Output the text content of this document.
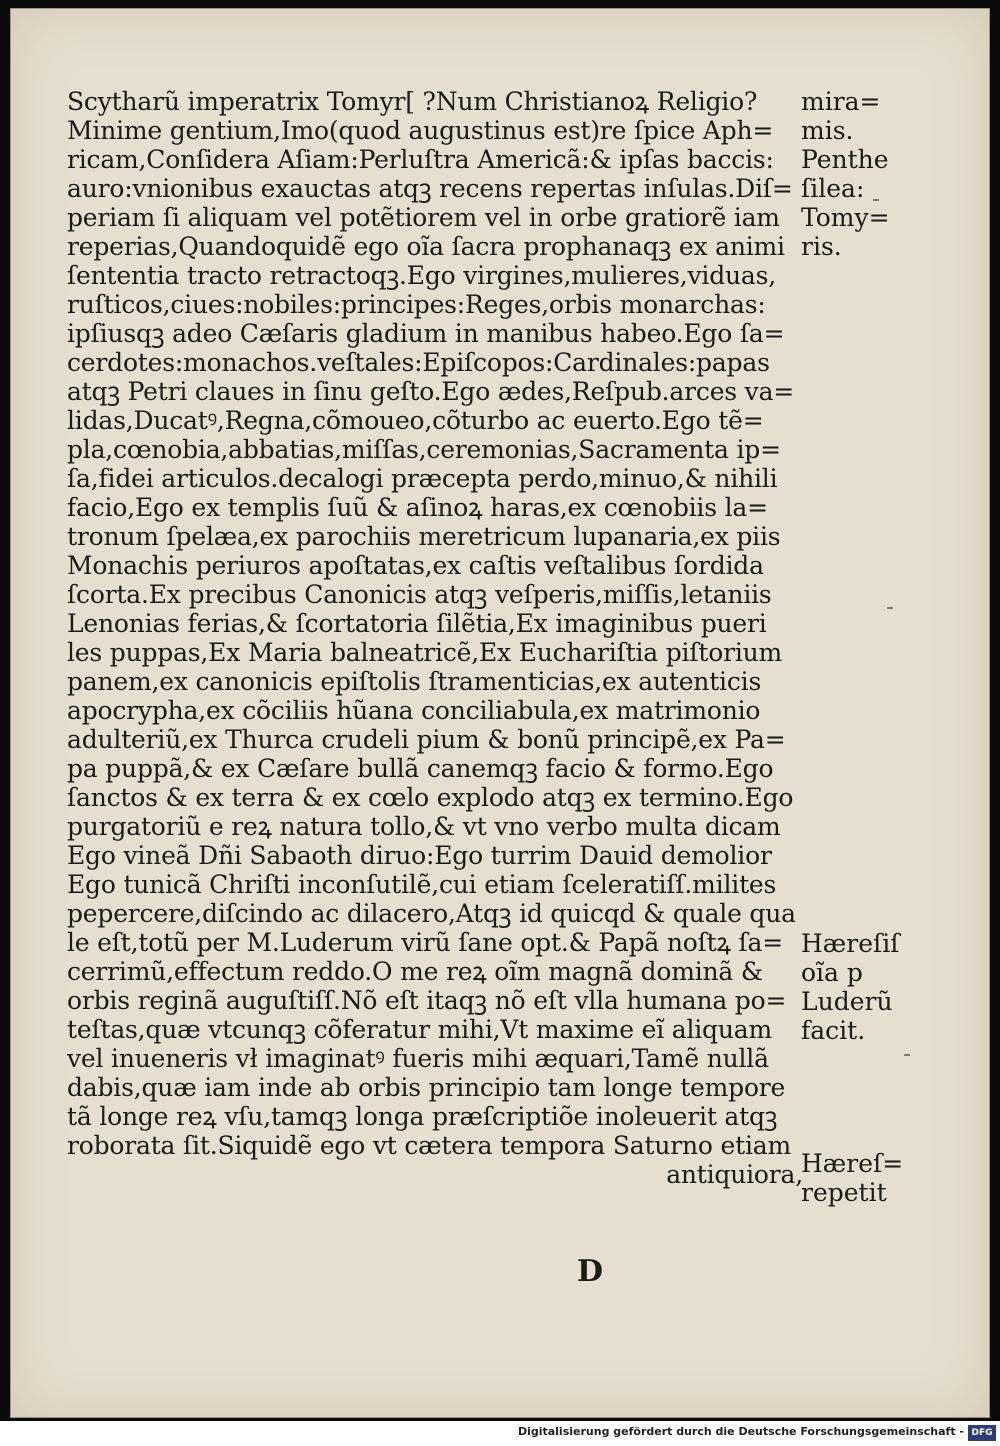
Scytharũ imperatrix Tomyr[ ?Num Christianoꝝ Religio?
Minime gentium,Imo(quod augustinus est)re ſpice Aph=
ricam,Conſidera Aſiam:Perluſtra Americã:& ipſas baccis:
auro:vnionibus exauctas atqꝫ recens repertas inſulas.Diſ=
periam ſi aliquam vel potẽtiorem vel in orbe gratiorẽ iam
reperias,Quandoquidẽ ego oĩa ſacra prophanaqꝫ ex animi
ſententia tracto retractoqꝫ.Ego virgines,mulieres,viduas,
ruſticos,ciues:nobiles:principes:Reges,orbis monarchas:
ipſiusqꝫ adeo Cæſaris gladium in manibus habeo.Ego ſa=
cerdotes:monachos.veſtales:Epiſcopos:Cardinales:papas
atqꝫ Petri claues in ſinu geſto.Ego ædes,Reſpub.arces va=
lidas,Ducatꝰ,Regna,cõmoueo,cõturbo ac euerto.Ego tẽ=
pla,cœnobia,abbatias,miſſas,ceremonias,Sacramenta ip=
ſa,fidei articulos.decalogi præcepta perdo,minuo,& nihili
facio,Ego ex templis ſuũ & aſinoꝝ haras,ex cœnobiis la=
tronum ſpelæa,ex parochiis meretricum lupanaria,ex piis
Monachis periuros apoſtatas,ex caſtis veſtalibus ſordida
ſcorta.Ex precibus Canonicis atqꝫ veſperis,miſſis,letaniis
Lenonias ferias,& ſcortatoria ſilẽtia,Ex imaginibus pueri
les puppas,Ex Maria balneatricẽ,Ex Euchariſtia piſtorium
panem,ex canonicis epiſtolis ſtramenticias,ex autenticis
apocrypha,ex cõciliis hũana conciliabula,ex matrimonio
adulteriũ,ex Thurca crudeli pium & bonũ principẽ,ex Pa=
pa puppã,& ex Cæſare bullã canemqꝫ facio & formo.Ego
ſanctos & ex terra & ex cœlo explodo atqꝫ ex termino.Ego
purgatoriũ e reꝝ natura tollo,& vt vno verbo multa dicam
Ego vineã Dñi Sabaoth diruo:Ego turrim Dauid demolior
Ego tunicã Chriſti inconſutilẽ,cui etiam ſceleratiſſ.milites
pepercere,diſcindo ac dilacero,Atqꝫ id quicqd & quale qua
le eſt,totũ per M.Luderum virũ ſane opt.& Papã noſtꝝ ſa=
cerrimũ,effectum reddo.O me reꝝ oĩm magnã dominã &
orbis reginã auguſtiſſ.Nõ eſt itaqꝫ nõ eſt vlla humana po=
teſtas,quæ vtcunqꝫ cõferatur mihi,Vt maxime eĩ aliquam
vel inueneris vł imaginatꝰ fueris mihi æquari,Tamẽ nullã
dabis,quæ iam inde ab orbis principio tam longe tempore
tã longe reꝝ vſu,tamqꝫ longa præſcriptiõe inoleuerit atqꝫ
roborata ſit.Siquidẽ ego vt cætera tempora Saturno etiam
antiquiora,
mira=
mis.
Penthe
ſilea:
Tomy=
ris.
Hæreſiſ
oĩa p
Luderũ
facit.
Hæreſ=
repetit
D
Digitalisierung gefördert durch die Deutsche Forschungsgemeinschaft - DFG
